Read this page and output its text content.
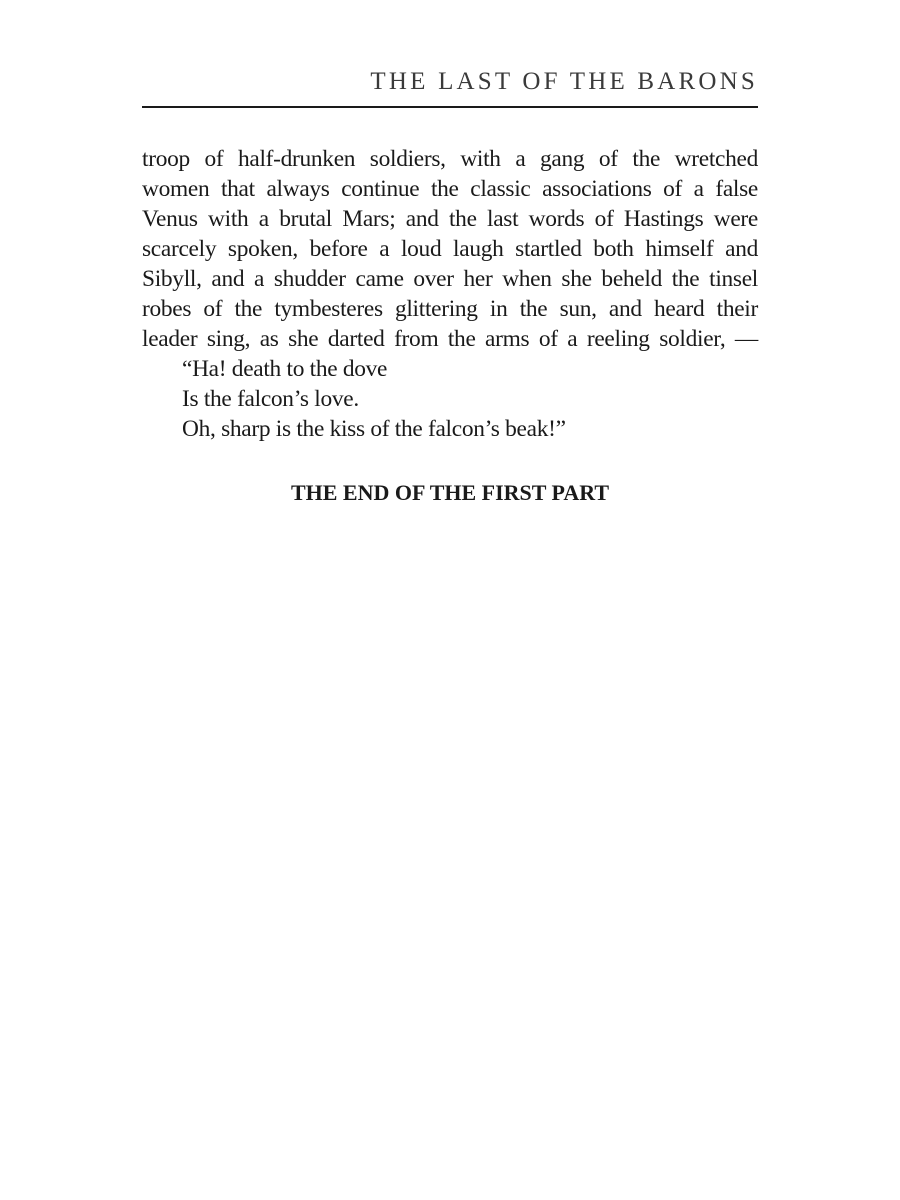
THE LAST OF THE BARONS
troop of half-drunken soldiers, with a gang of the wretched
women that always continue the classic associations of a false
Venus with a brutal Mars; and the last words of Hastings were
scarcely spoken, before a loud laugh startled both himself and
Sibyll, and a shudder came over her when she beheld the tinsel
robes of the tymbesteres glittering in the sun, and heard their
leader sing, as she darted from the arms of a reeling soldier, —
“Ha! death to the dove
Is the falcon’s love.
Oh, sharp is the kiss of the falcon’s beak!”
THE END OF THE FIRST PART
